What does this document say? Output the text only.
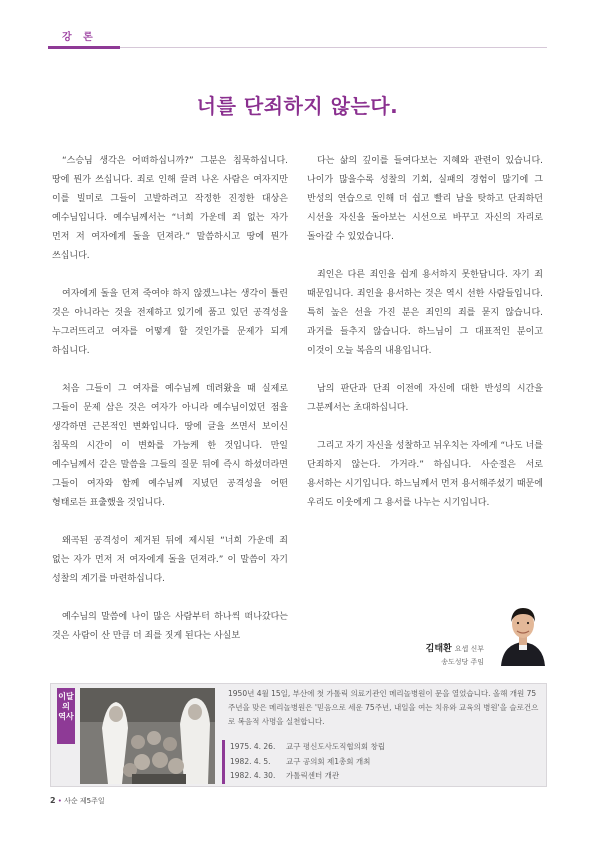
강 론
너를 단죄하지 않는다.

“스승님 생각은 어떠하십니까?” 그분은 침묵하십니다. 땅에 뭔가 쓰십니다. 죄로 인해 끌려 나온 사람은 여자지만 이를 빌미로 그들이 고발하려고 작정한 진정한 대상은 예수님입니다. 예수님께서는 “너희 가운데 죄 없는 자가 먼저 저 여자에게 돌을 던져라.” 말씀하시고 땅에 뭔가 쓰십니다.

여자에게 돌을 던져 죽여야 하지 않겠느냐는 생각이 틀린 것은 아니라는 것을 전제하고 있기에 품고 있던 공격성을 누그러뜨리고 여자를 어떻게 할 것인가를 문제가 되게 하십니다.

처음 그들이 그 여자를 예수님께 데려왔을 때 실제로 그들이 문제 삼은 것은 여자가 아니라 예수님이었던 점을 생각하면 근본적인 변화입니다. 땅에 글을 쓰면서 보이신 침묵의 시간이 이 변화를 가능케 한 것입니다. 만일 예수님께서 같은 말씀을 그들의 질문 뒤에 즉시 하셨더라면 그들이 여자와 함께 예수님께 지녔던 공격성을 어떤 형태로든 표출했을 것입니다.

왜곡된 공격성이 제거된 뒤에 제시된 “너희 가운데 죄 없는 자가 먼저 저 여자에게 돌을 던져라.” 이 말씀이 자기 성찰의 계기를 마련하십니다.

예수님의 말씀에 나이 많은 사람부터 하나씩 떠나갔다는 것은 사람이 산 만큼 더 죄를 짓게 된다는 사실보

다는 삶의 깊이를 들여다보는 지혜와 관련이 있습니다. 나이가 많을수록 성찰의 기회, 실패의 경험이 많기에 그 반성의 연습으로 인해 더 쉽고 빨리 남을 탓하고 단죄하던 시선을 자신을 돌아보는 시선으로 바꾸고 자신의 자리로 돌아갈 수 있었습니다.

죄인은 다른 죄인을 쉽게 용서하지 못한답니다. 자기 죄 때문입니다. 죄인을 용서하는 것은 역시 선한 사람들입니다. 특히 높은 선을 가진 분은 죄인의 죄를 묻지 않습니다. 과거를 들추지 않습니다. 하느님이 그 대표적인 분이고 이것이 오늘 복음의 내용입니다.

남의 판단과 단죄 이전에 자신에 대한 반성의 시간을 그분께서는 초대하십니다.

그리고 자기 자신을 성찰하고 뉘우치는 자에게 “나도 너를 단죄하지 않는다. 가거라.” 하십니다. 사순절은 서로 용서하는 시기입니다. 하느님께서 먼저 용서해주셨기 때문에 우리도 이웃에게 그 용서를 나누는 시기입니다.

김태환 요셉 신부
송도성당 주임
이달의 역사
1950년 4월 15일, 부산에 첫 가톨릭 의료기관인 메리놀병원이 문을 열었습니다. 올해 개원 75주년을 맞은 메리놀병원은 '믿음으로 세운 75주년, 내일을 여는 치유와 교육의 병원'을 슬로건으로 복음적 사명을 실천합니다.
1975. 4. 26. 교구 평신도사도직협의회 창립
1982. 4. 5. 교구 공의회 제1총회 개최
1982. 4. 30. 가톨릭센터 개관
2 • 사순 제5주일
